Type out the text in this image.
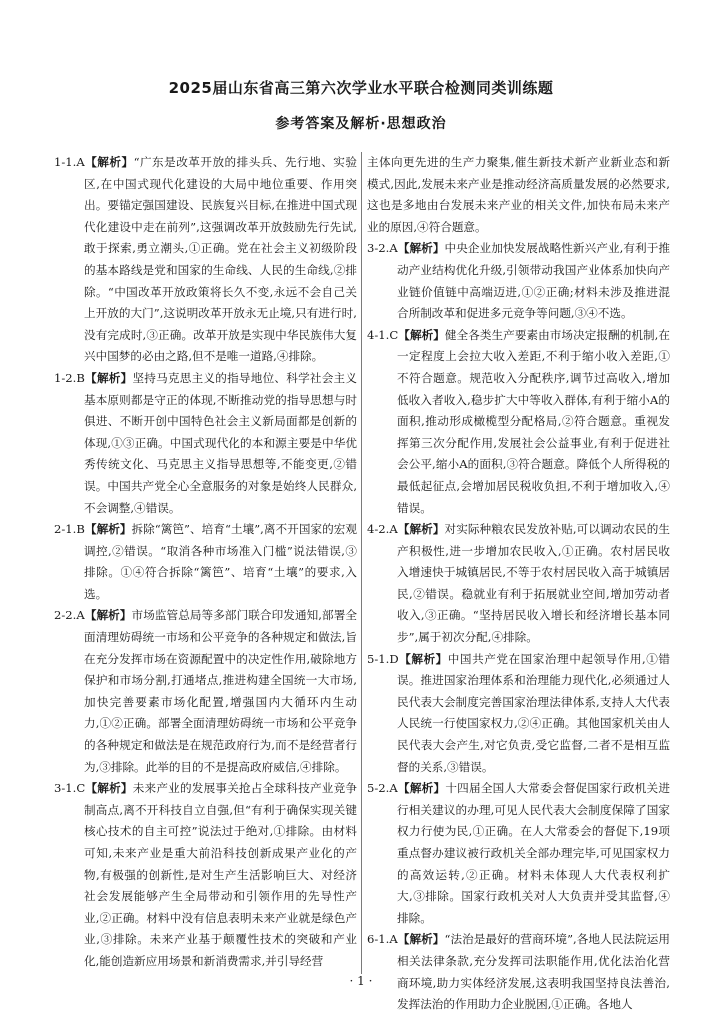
2025届山东省高三第六次学业水平联合检测同类训练题
参考答案及解析·思想政治
1-1.A【解析】“广东是改革开放的排头兵、先行地、实验区,在中国式现代化建设的大局中地位重要、作用突出。要锚定强国建设、民族复兴目标,在推进中国式现代化建设中走在前列”,这强调改革开放鼓励先行先试,敢于探索,勇立潮头,①正确。党在社会主义初级阶段的基本路线是党和国家的生命线、人民的生命线,②排除。“中国改革开放政策将长久不变,永远不会自己关上开放的大门”,这说明改革开放永无止境,只有进行时,没有完成时,③正确。改革开放是实现中华民族伟大复兴中国梦的必由之路,但不是唯一道路,④排除。
1-2.B【解析】坚持马克思主义的指导地位、科学社会主义基本原则都是守正的体现,不断推动党的指导思想与时俱进、不断开创中国特色社会主义新局面都是创新的体现,①③正确。中国式现代化的本和源主要是中华优秀传统文化、马克思主义指导思想等,不能变更,②错误。中国共产党全心全意服务的对象是始终人民群众,不会调整,④错误。
2-1.B【解析】拆除“篱笆”、培育“土壤”,离不开国家的宏观调控,②错误。“取消各种市场准入门槛”说法错误,③排除。①④符合拆除“篱笆”、培育“土壤”的要求,入选。
2-2.A【解析】市场监管总局等多部门联合印发通知,部署全面清理妨碍统一市场和公平竞争的各种规定和做法,旨在充分发挥市场在资源配置中的决定性作用,破除地方保护和市场分割,打通堵点,推进构建全国统一大市场,加快完善要素市场化配置,增强国内大循环内生动力,①②正确。部署全面清理妨碍统一市场和公平竞争的各种规定和做法是在规范政府行为,而不是经营者行为,③排除。此举的目的不是提高政府威信,④排除。
3-1.C【解析】未来产业的发展事关抢占全球科技产业竞争制高点,离不开科技自立自强,但“有利于确保实现关键核心技术的自主可控”说法过于绝对,①排除。由材料可知,未来产业是重大前沿科技创新成果产业化的产物,有极强的创新性,是对生产生活影响巨大、对经济社会发展能够产生全局带动和引领作用的先导性产业,②正确。材料中没有信息表明未来产业就是绿色产业,③排除。未来产业基于颠覆性技术的突破和产业化,能创造新应用场景和新消费需求,并引导经营
主体向更先进的生产力聚集,催生新技术新产业新业态和新模式,因此,发展未来产业是推动经济高质量发展的必然要求,这也是多地由台发展未来产业的相关文件,加快布局未来产业的原因,④符合题意。
3-2.A【解析】中央企业加快发展战略性新兴产业,有利于推动产业结构优化升级,引领带动我国产业体系加快向产业链价值链中高端迈进,①②正确;材料未涉及推进混合所制改革和促进多元竞争等问题,③④不选。
4-1.C【解析】健全各类生产要素由市场决定报酬的机制,在一定程度上会拉大收入差距,不利于缩小收入差距,①不符合题意。规范收入分配秩序,调节过高收入,增加低收入者收入,稳步扩大中等收入群体,有利于缩小A的面积,推动形成橄榄型分配格局,②符合题意。重视发挥第三次分配作用,发展社会公益事业,有利于促进社会公平,缩小A的面积,③符合题意。降低个人所得税的最低起征点,会增加居民税收负担,不利于增加收入,④错误。
4-2.A【解析】对实际种粮农民发放补贴,可以调动农民的生产积极性,进一步增加农民收入,①正确。农村居民收入增速快于城镇居民,不等于农村居民收入高于城镇居民,②错误。稳就业有利于拓展就业空间,增加劳动者收入,③正确。“坚持居民收入增长和经济增长基本同步”,属于初次分配,④排除。
5-1.D【解析】中国共产党在国家治理中起领导作用,①错误。推进国家治理体系和治理能力现代化,必须通过人民代表大会制度完善国家治理法律体系,支持人大代表人民统一行使国家权力,②④正确。其他国家机关由人民代表大会产生,对它负责,受它监督,二者不是相互监督的关系,③错误。
5-2.A【解析】十四届全国人大常委会督促国家行政机关进行相关建议的办理,可见人民代表大会制度保障了国家权力行使为民,①正确。在人大常委会的督促下,19项重点督办建议被行政机关全部办理完毕,可见国家权力的高效运转,②正确。材料未体现人大代表权利扩大,③排除。国家行政机关对人大负责并受其监督,④排除。
6-1.A【解析】“法治是最好的营商环境”,各地人民法院运用相关法律条款,充分发挥司法职能作用,优化法治化营商环境,助力实体经济发展,这表明我国坚持良法善治,发挥法治的作用助力企业脱困,①正确。各地人
· 1 ·
